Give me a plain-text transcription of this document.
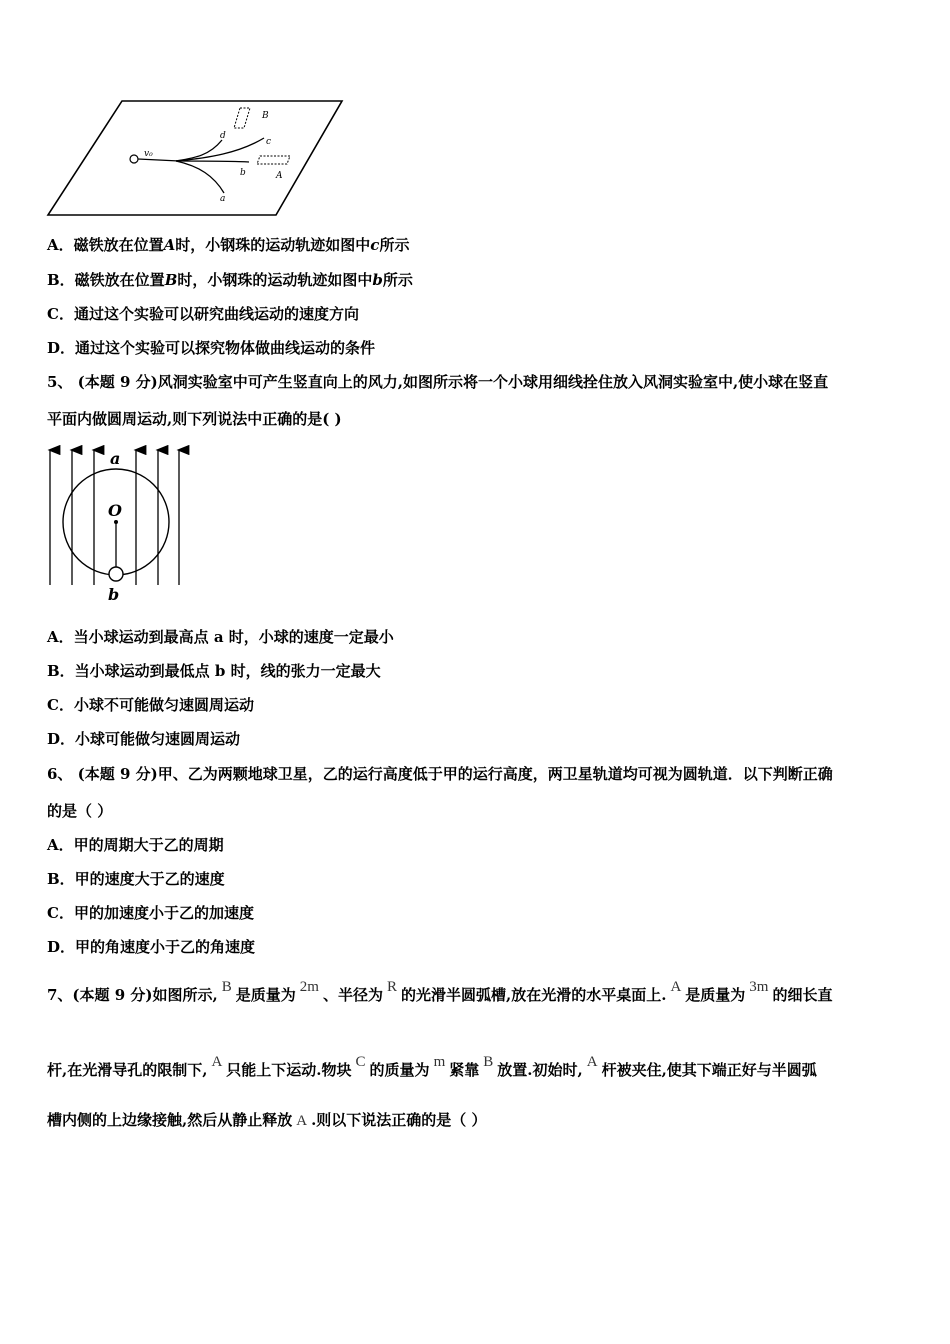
v₀
d
c
b
a
B
A
A．磁铁放在位置A时，小钢珠的运动轨迹如图中c所示
B．磁铁放在位置B时，小钢珠的运动轨迹如图中b所示
C．通过这个实验可以研究曲线运动的速度方向
D．通过这个实验可以探究物体做曲线运动的条件
5、 (本题 9 分)风洞实验室中可产生竖直向上的风力,如图所示将一个小球用细线拴住放入风洞实验室中,使小球在竖直
平面内做圆周运动,则下列说法中正确的是( )
a
O
b
A．当小球运动到最高点 a 时，小球的速度一定最小
B．当小球运动到最低点 b 时，线的张力一定最大
C．小球不可能做匀速圆周运动
D．小球可能做匀速圆周运动
6、 (本题 9 分)甲、乙为两颗地球卫星，乙的运行高度低于甲的运行高度，两卫星轨道均可视为圆轨道．以下判断正确
的是（ ）
A．甲的周期大于乙的周期
B．甲的速度大于乙的速度
C．甲的加速度小于乙的加速度
D．甲的角速度小于乙的角速度
7、(本题 9 分)如图所示, B 是质量为 2m 、半径为 R 的光滑半圆弧槽,放在光滑的水平桌面上. A 是质量为 3m 的细长直
杆,在光滑导孔的限制下, A 只能上下运动.物块 C 的质量为 m 紧靠 B 放置.初始时, A 杆被夹住,使其下端正好与半圆弧
槽内侧的上边缘接触,然后从静止释放 A .则以下说法正确的是（ ）
